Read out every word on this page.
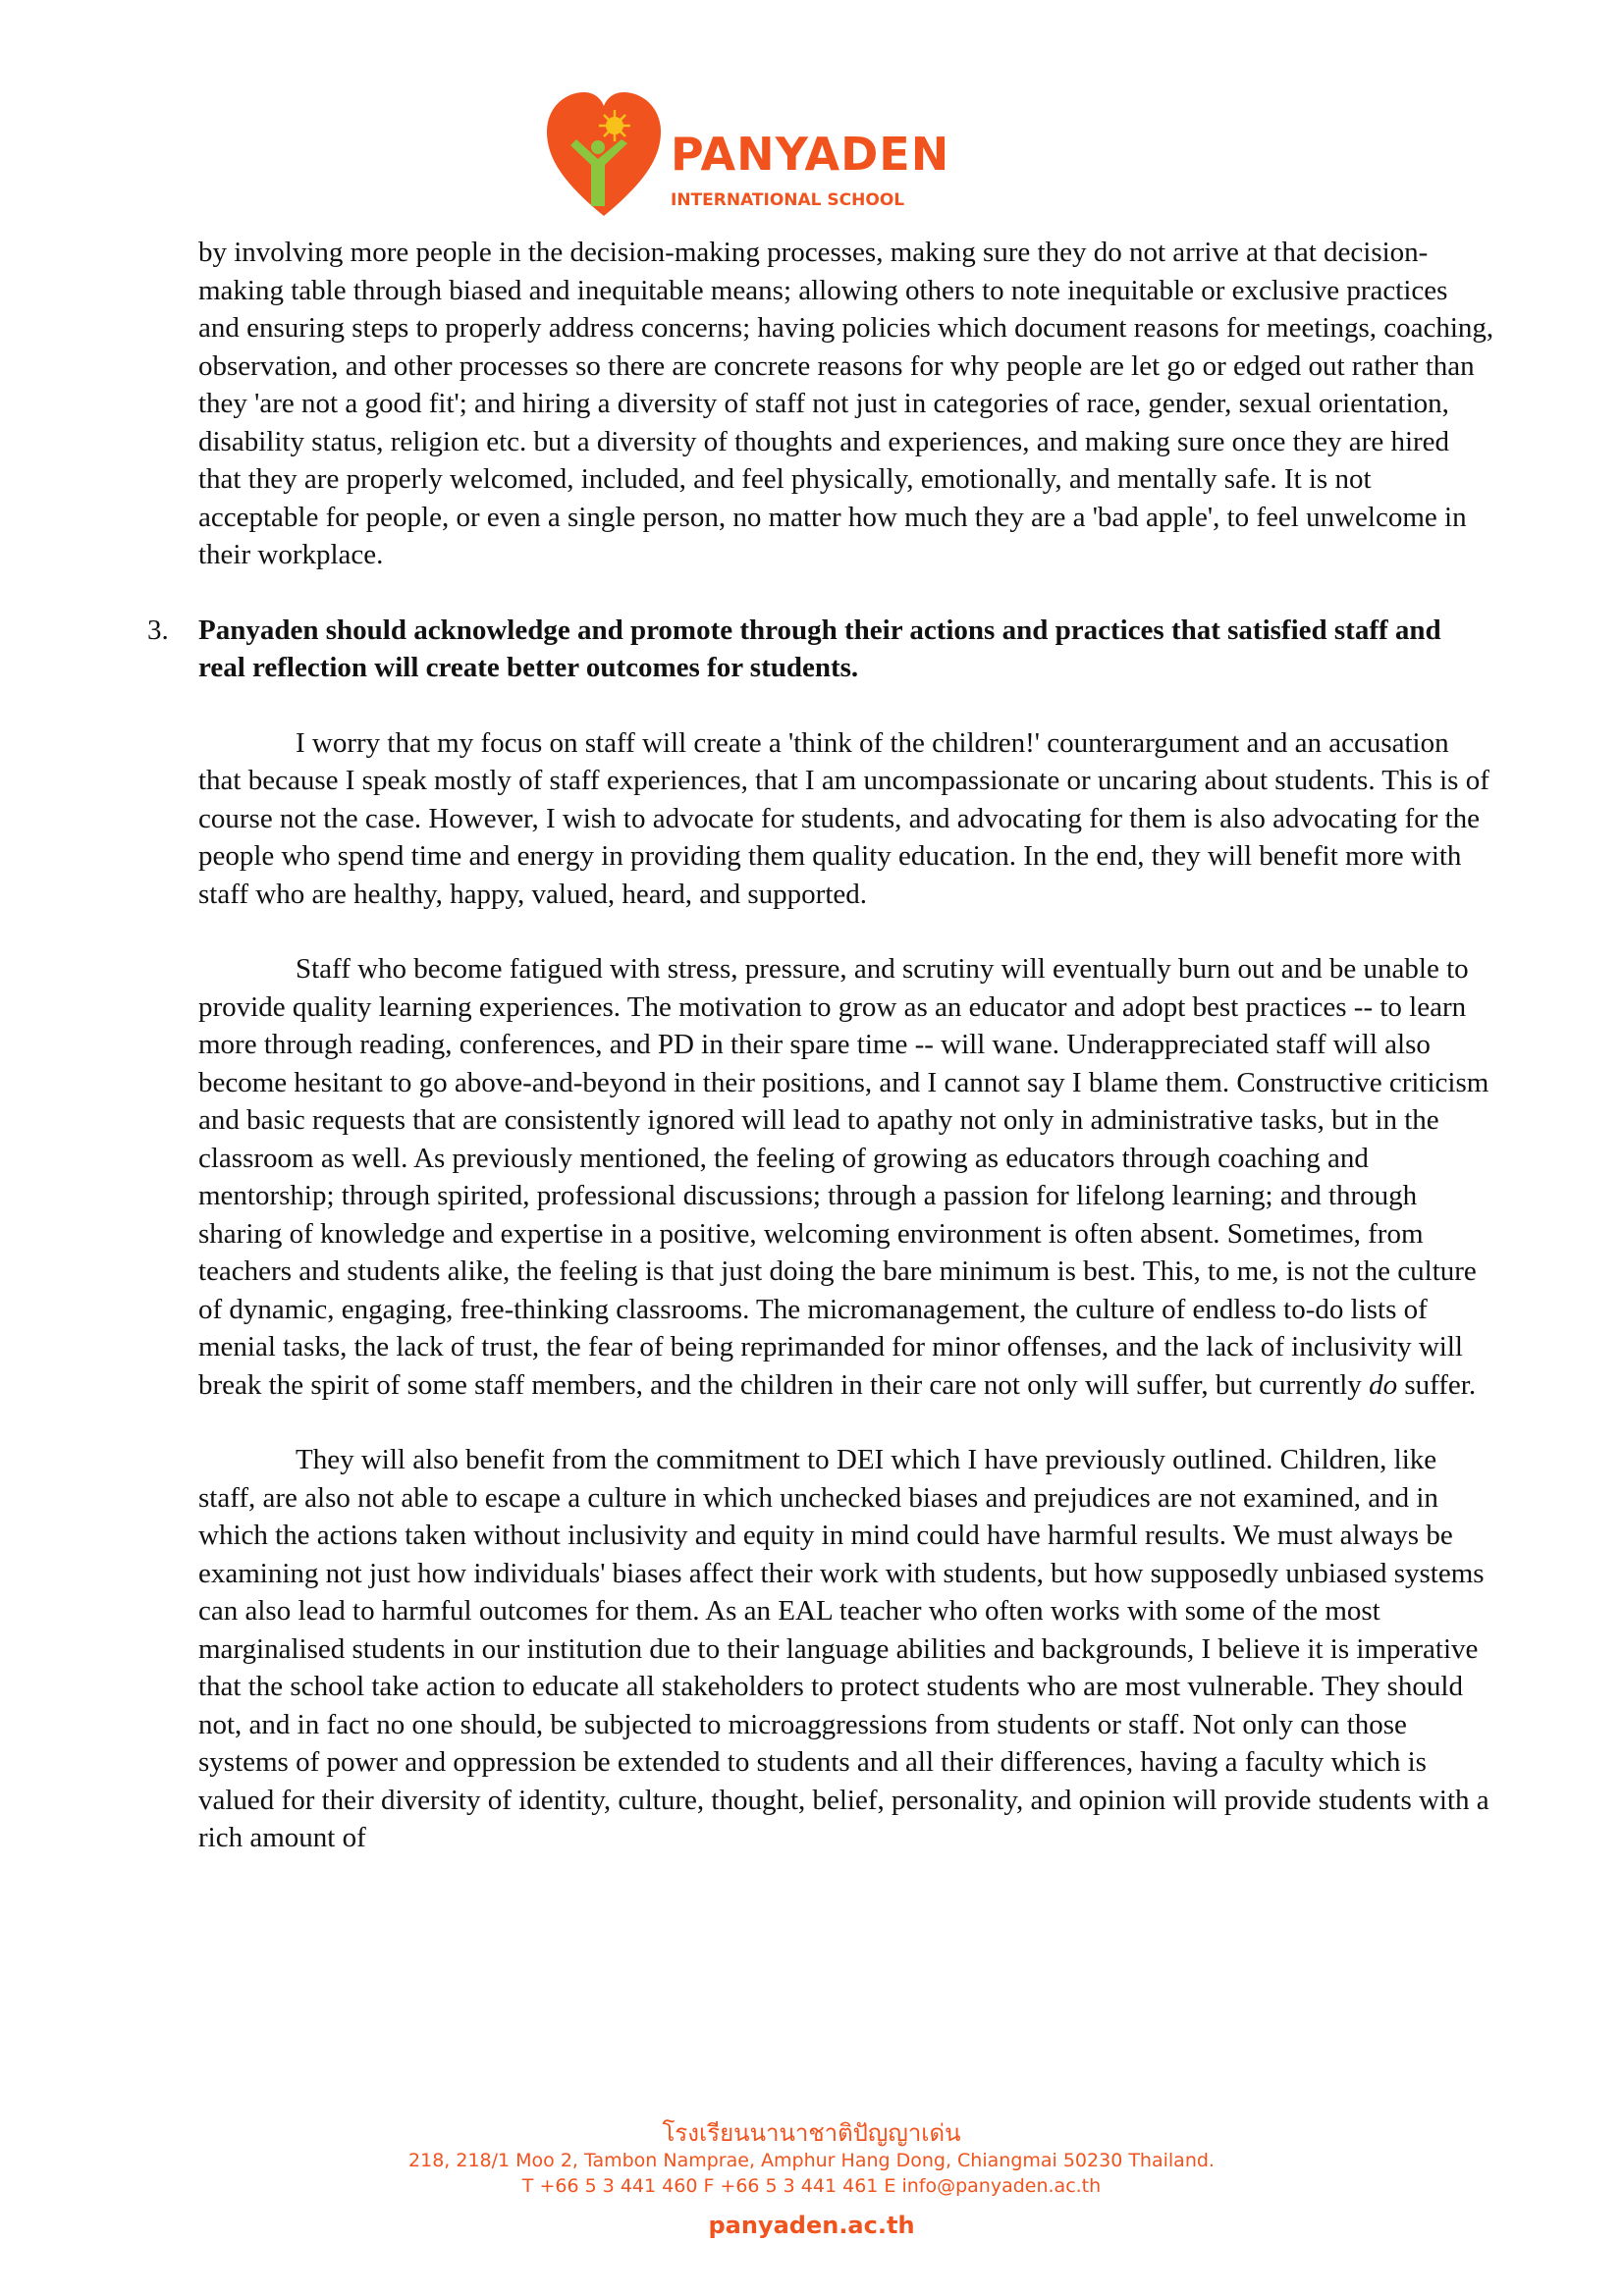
PANYADEN
INTERNATIONAL SCHOOL

by involving more people in the decision-making processes, making sure they do not arrive at that decision-making table through biased and inequitable means; allowing others to note inequitable or exclusive practices and ensuring steps to properly address concerns; having policies which document reasons for meetings, coaching, observation, and other processes so there are concrete reasons for why people are let go or edged out rather than they 'are not a good fit'; and hiring a diversity of staff not just in categories of race, gender, sexual orientation, disability status, religion etc. but a diversity of thoughts and experiences, and making sure once they are hired that they are properly welcomed, included, and feel physically, emotionally, and mentally safe. It is not acceptable for people, or even a single person, no matter how much they are a 'bad apple', to feel unwelcome in their workplace.

3. Panyaden should acknowledge and promote through their actions and practices that satisfied staff and real reflection will create better outcomes for students.

I worry that my focus on staff will create a 'think of the children!' counterargument and an accusation that because I speak mostly of staff experiences, that I am uncompassionate or uncaring about students. This is of course not the case. However, I wish to advocate for students, and advocating for them is also advocating for the people who spend time and energy in providing them quality education. In the end, they will benefit more with staff who are healthy, happy, valued, heard, and supported.

Staff who become fatigued with stress, pressure, and scrutiny will eventually burn out and be unable to provide quality learning experiences. The motivation to grow as an educator and adopt best practices -- to learn more through reading, conferences, and PD in their spare time -- will wane. Underappreciated staff will also become hesitant to go above-and-beyond in their positions, and I cannot say I blame them. Constructive criticism and basic requests that are consistently ignored will lead to apathy not only in administrative tasks, but in the classroom as well. As previously mentioned, the feeling of growing as educators through coaching and mentorship; through spirited, professional discussions; through a passion for lifelong learning; and through sharing of knowledge and expertise in a positive, welcoming environment is often absent. Sometimes, from teachers and students alike, the feeling is that just doing the bare minimum is best. This, to me, is not the culture of dynamic, engaging, free-thinking classrooms. The micromanagement, the culture of endless to-do lists of menial tasks, the lack of trust, the fear of being reprimanded for minor offenses, and the lack of inclusivity will break the spirit of some staff members, and the children in their care not only will suffer, but currently do suffer.

They will also benefit from the commitment to DEI which I have previously outlined. Children, like staff, are also not able to escape a culture in which unchecked biases and prejudices are not examined, and in which the actions taken without inclusivity and equity in mind could have harmful results. We must always be examining not just how individuals' biases affect their work with students, but how supposedly unbiased systems can also lead to harmful outcomes for them. As an EAL teacher who often works with some of the most marginalised students in our institution due to their language abilities and backgrounds, I believe it is imperative that the school take action to educate all stakeholders to protect students who are most vulnerable. They should not, and in fact no one should, be subjected to microaggressions from students or staff. Not only can those systems of power and oppression be extended to students and all their differences, having a faculty which is valued for their diversity of identity, culture, thought, belief, personality, and opinion will provide students with a rich amount of

โรงเรียนนานาชาติปัญญาเด่น
218, 218/1 Moo 2, Tambon Namprae, Amphur Hang Dong, Chiangmai 50230 Thailand.
T +66 5 3 441 460 F +66 5 3 441 461 E info@panyaden.ac.th
panyaden.ac.th
